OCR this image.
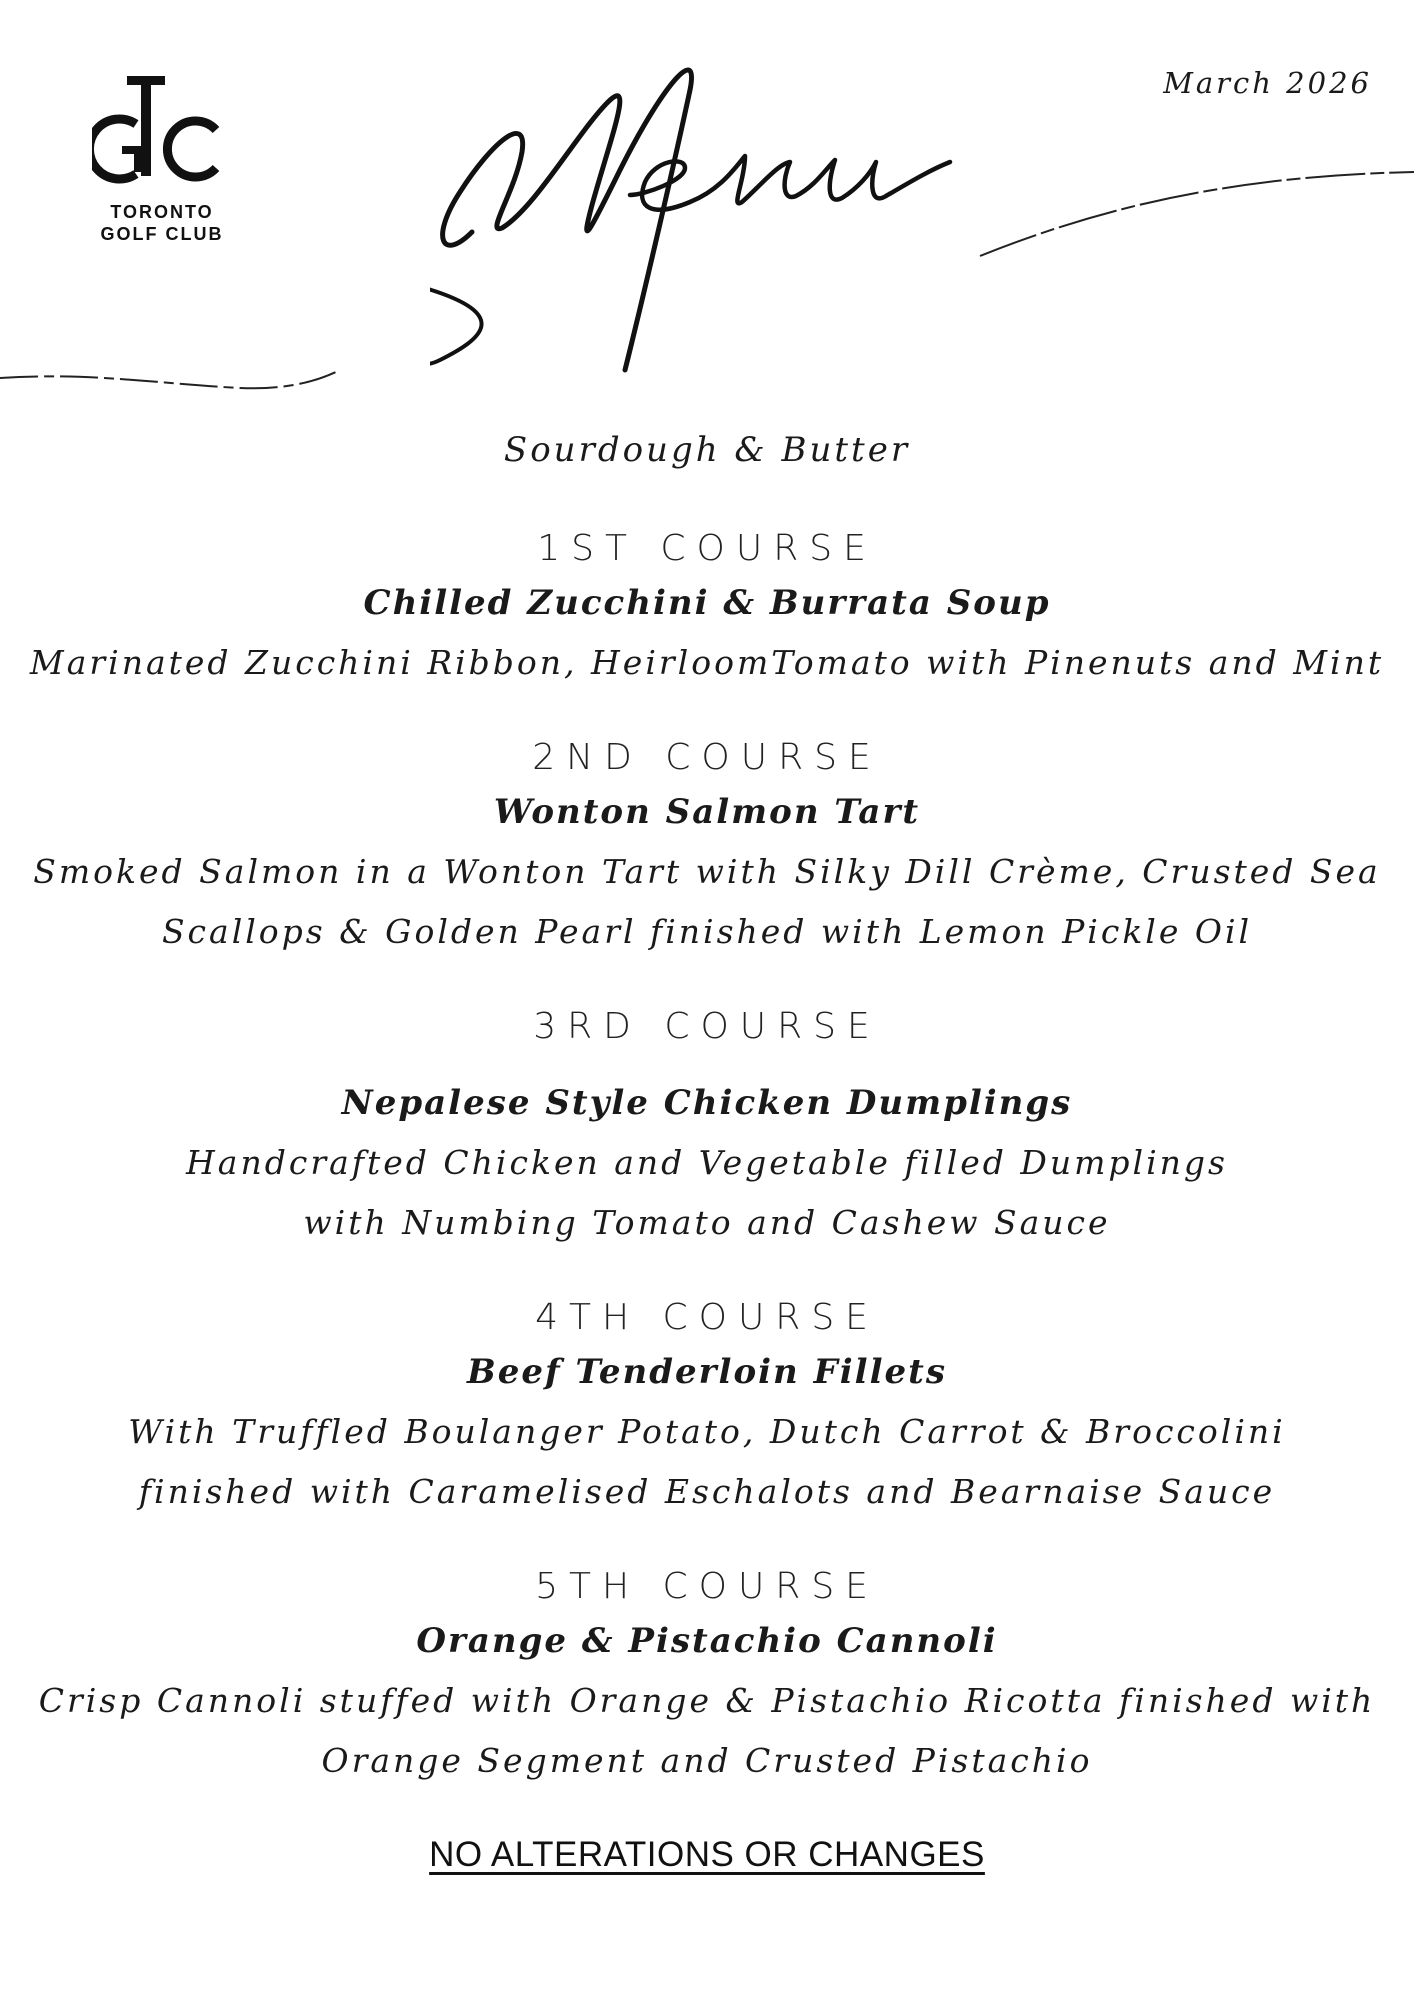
TORONTO
GOLF CLUB
March 2026

Sourdough & Butter

1ST COURSE

Chilled Zucchini & Burrata Soup

Marinated Zucchini Ribbon, HeirloomTomato with Pinenuts and Mint

2ND COURSE

Wonton Salmon Tart

Smoked Salmon in a Wonton Tart with Silky Dill Crème, Crusted Sea

Scallops & Golden Pearl finished with Lemon Pickle Oil

3RD COURSE

Nepalese Style Chicken Dumplings

Handcrafted Chicken and Vegetable filled Dumplings

with Numbing Tomato and Cashew Sauce

4TH COURSE

Beef Tenderloin Fillets

With Truffled Boulanger Potato, Dutch Carrot & Broccolini

finished with Caramelised Eschalots and Bearnaise Sauce

5TH COURSE

Orange & Pistachio Cannoli

Crisp Cannoli stuffed with Orange & Pistachio Ricotta finished with

Orange Segment and Crusted Pistachio

NO ALTERATIONS OR CHANGES
